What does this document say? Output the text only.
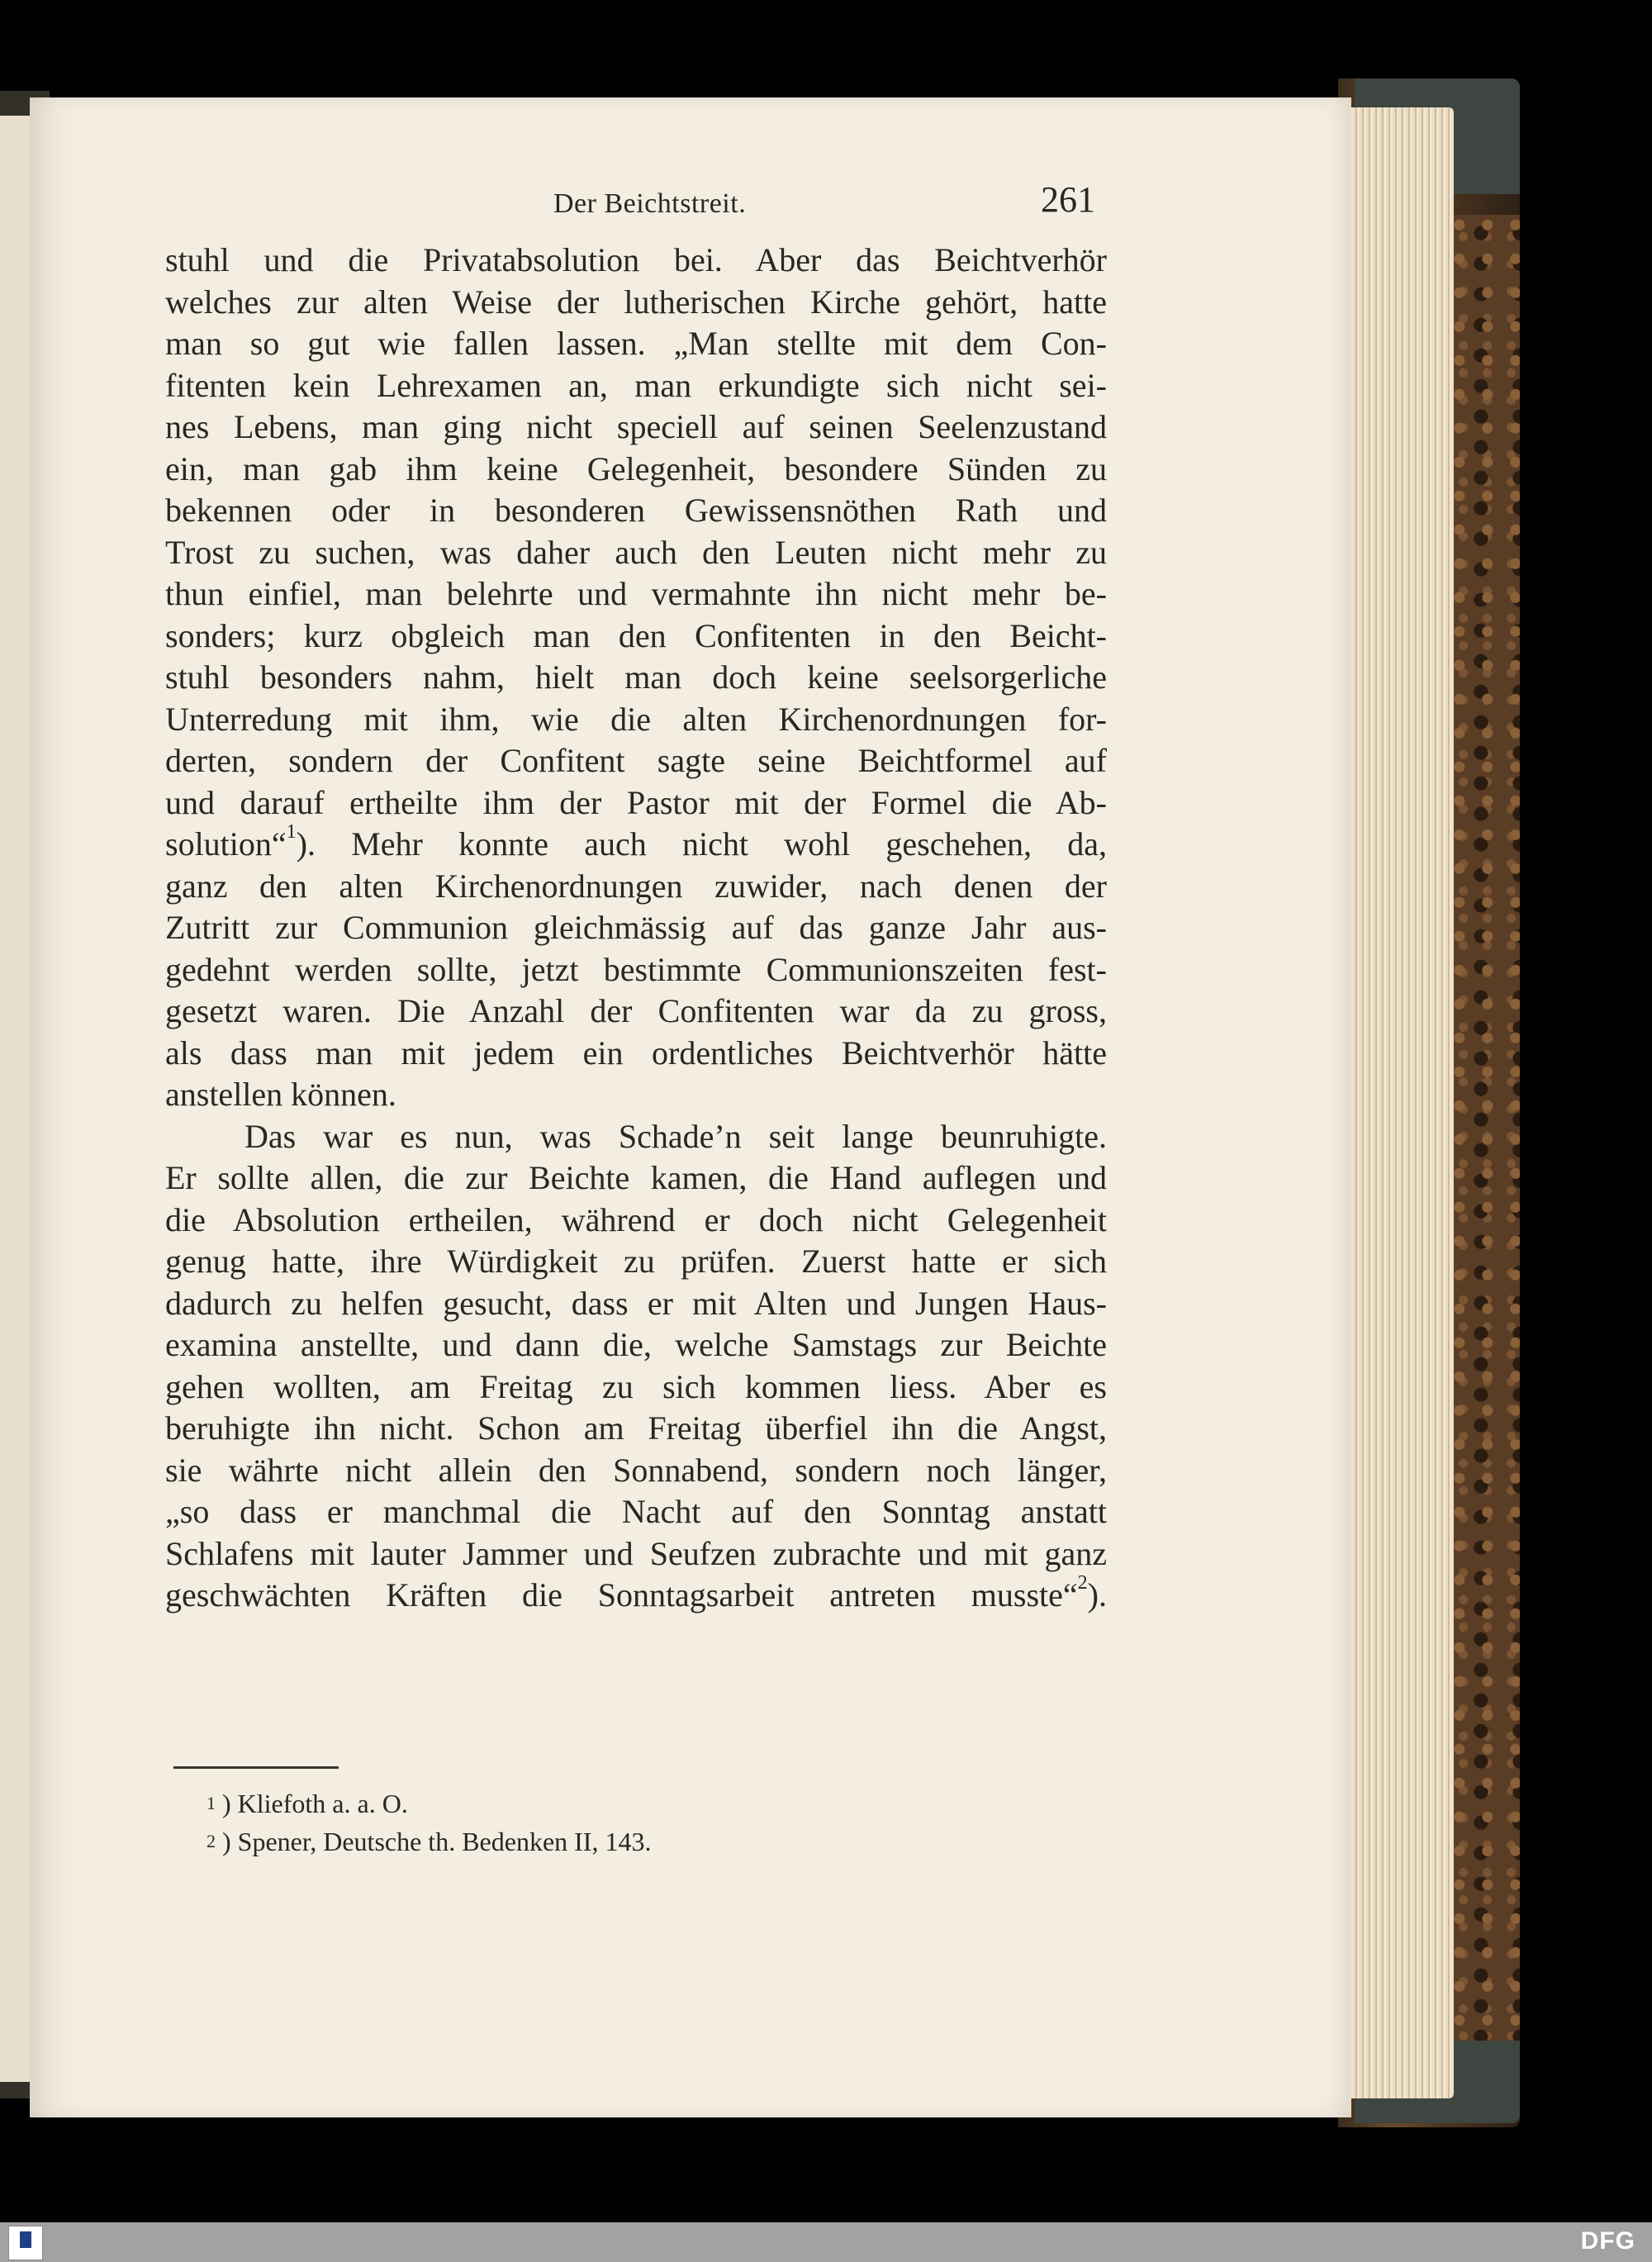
Der Beichtstreit.	261
stuhl und die Privatabsolution bei. Aber das Beichtverhör
welches zur alten Weise der lutherischen Kirche gehört, hatte
man so gut wie fallen lassen. „Man stellte mit dem Con-
fitenten kein Lehrexamen an, man erkundigte sich nicht sei-
nes Lebens, man ging nicht speciell auf seinen Seelenzustand
ein, man gab ihm keine Gelegenheit, besondere Sünden zu
bekennen oder in besonderen Gewissensnöthen Rath und
Trost zu suchen, was daher auch den Leuten nicht mehr zu
thun einfiel, man belehrte und vermahnte ihn nicht mehr be-
sonders; kurz obgleich man den Confitenten in den Beicht-
stuhl besonders nahm, hielt man doch keine seelsorgerliche
Unterredung mit ihm, wie die alten Kirchenordnungen for-
derten, sondern der Confitent sagte seine Beichtformel auf
und darauf ertheilte ihm der Pastor mit der Formel die Ab-
solution“$^1$). Mehr konnte auch nicht wohl geschehen, da,
ganz den alten Kirchenordnungen zuwider, nach denen der
Zutritt zur Communion gleichmässig auf das ganze Jahr aus-
gedehnt werden sollte, jetzt bestimmte Communionszeiten fest-
gesetzt waren. Die Anzahl der Confitenten war da zu gross,
als dass man mit jedem ein ordentliches Beichtverhör hätte
anstellen können.
Das war es nun, was Schade’n seit lange beunruhigte.
Er sollte allen, die zur Beichte kamen, die Hand auflegen und
die Absolution ertheilen, während er doch nicht Gelegenheit
genug hatte, ihre Würdigkeit zu prüfen. Zuerst hatte er sich
dadurch zu helfen gesucht, dass er mit Alten und Jungen Haus-
examina anstellte, und dann die, welche Samstags zur Beichte
gehen wollten, am Freitag zu sich kommen liess. Aber es
beruhigte ihn nicht. Schon am Freitag überfiel ihn die Angst,
sie währte nicht allein den Sonnabend, sondern noch länger,
„so dass er manchmal die Nacht auf den Sonntag anstatt
Schlafens mit lauter Jammer und Seufzen zubrachte und mit ganz
geschwächten Kräften die Sonntagsarbeit antreten musste“$^2$).
$^1$ ) Kliefoth a. a. O.
$^2$ ) Spener, Deutsche th. Bedenken II, 143.
DFG
